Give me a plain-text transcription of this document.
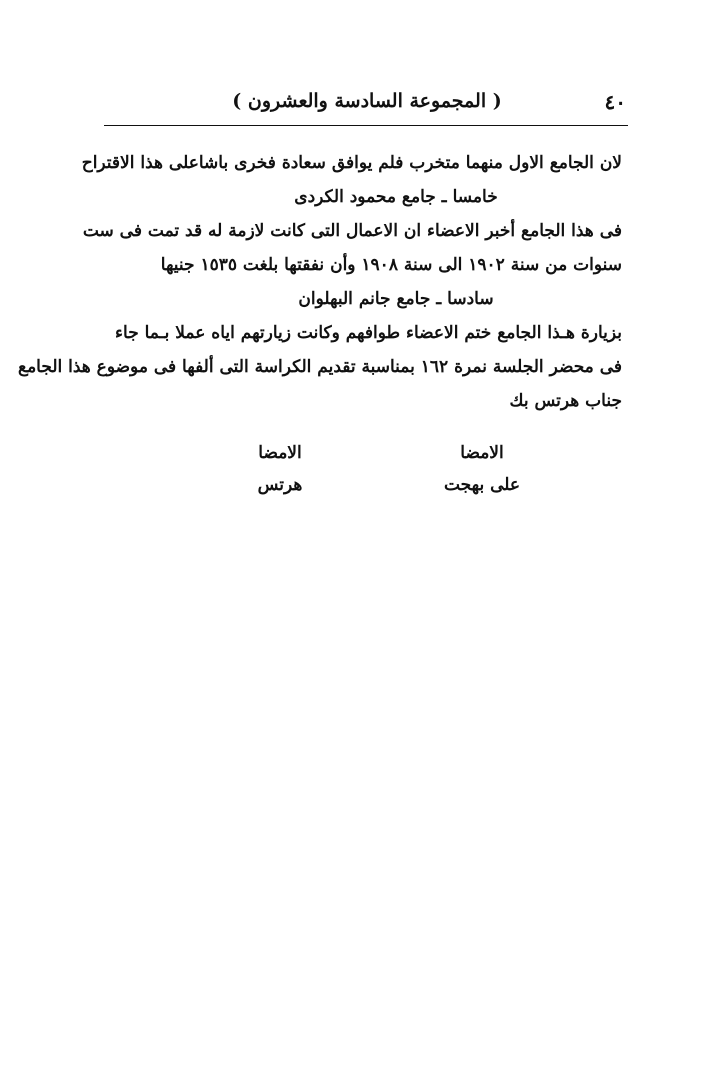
٤٠
( المجموعة السادسة والعشرون )
لان الجامع الاول منهما متخرب فلم يوافق سعادة فخرى باشاعلى هذا الاقتراح
خامسا ـ جامع محمود الكردى
فى هذا الجامع أخبر الاعضاء ان الاعمال التى كانت لازمة له قد تمت فى ست
سنوات من سنة ١٩٠٢ الى سنة ١٩٠٨ وأن نفقتها بلغت ١٥٣٥ جنيها
سادسا ـ جامع جانم البهلوان
بزيارة هـذا الجامع ختم الاعضاء طوافهم وكانت زيارتهم اياه عملا بـما جاء
فى محضر الجلسة نمرة ١٦٢ بمناسبة تقديم الكراسة التى ألفها فى موضوع هذا الجامع
جناب هرتس بك
الامضا
الامضا
على بهجت
هرتس
